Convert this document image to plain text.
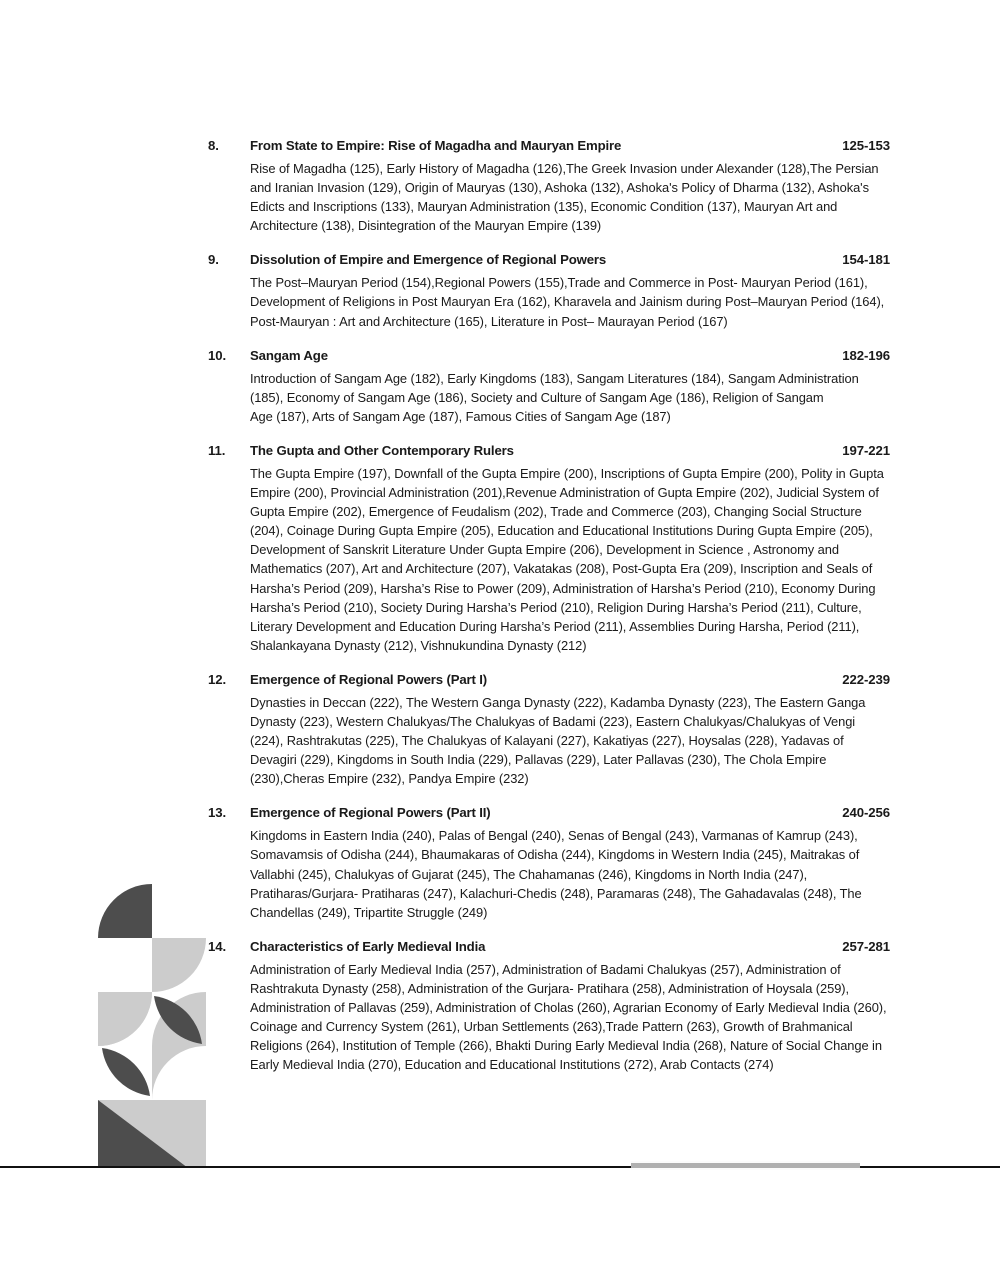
8.	From State to Empire: Rise of Magadha and Mauryan Empire	125-153
Rise of Magadha (125), Early History of Magadha (126),The Greek Invasion under Alexander (128),The Persian and Iranian Invasion (129), Origin of Mauryas (130), Ashoka (132), Ashoka's Policy of Dharma (132), Ashoka's Edicts and Inscriptions (133), Mauryan Administration (135), Economic Condition (137), Mauryan Art and Architecture (138), Disintegration of the Mauryan Empire (139)
9.	Dissolution of Empire and Emergence of Regional Powers	154-181
The Post–Mauryan Period (154),Regional Powers (155),Trade and Commerce in Post- Mauryan Period (161), Development of Religions in Post Mauryan Era (162), Kharavela and Jainism during Post–Mauryan Period (164), Post-Mauryan : Art and Architecture (165), Literature in Post– Maurayan Period (167)
10.	Sangam Age	182-196
Introduction of Sangam Age (182), Early Kingdoms (183), Sangam Literatures (184), Sangam Administration (185), Economy of Sangam Age (186), Society and Culture of Sangam Age (186), Religion of Sangam
Age (187), Arts of Sangam Age (187), Famous Cities of Sangam Age (187)
11.	The Gupta and Other Contemporary Rulers	197-221
The Gupta Empire (197), Downfall of the Gupta Empire (200), Inscriptions of Gupta Empire (200), Polity in Gupta Empire (200), Provincial Administration (201),Revenue Administration of Gupta Empire (202), Judicial System of Gupta Empire (202), Emergence of Feudalism (202), Trade and Commerce (203), Changing Social Structure (204), Coinage During Gupta Empire (205), Education and Educational Institutions During Gupta Empire (205), Development of Sanskrit Literature Under Gupta Empire (206), Development in Science , Astronomy and Mathematics (207), Art and Architecture (207), Vakatakas (208), Post-Gupta Era (209), Inscription and Seals of Harsha’s Period (209), Harsha’s Rise to Power (209), Administration of Harsha’s Period (210), Economy During Harsha’s Period (210), Society During Harsha’s Period (210), Religion During Harsha’s Period (211), Culture, Literary Development and Education During Harsha’s Period (211), Assemblies During Harsha, Period (211), Shalankayana Dynasty (212), Vishnukundina Dynasty (212)
12.	Emergence of Regional Powers (Part I)	222-239
Dynasties in Deccan (222), The Western Ganga Dynasty (222), Kadamba Dynasty (223), The Eastern Ganga Dynasty (223), Western Chalukyas/The Chalukyas of Badami (223), Eastern Chalukyas/Chalukyas of Vengi (224), Rashtrakutas (225), The Chalukyas of Kalayani (227), Kakatiyas (227), Hoysalas (228), Yadavas of Devagiri (229), Kingdoms in South India (229), Pallavas (229), Later Pallavas (230), The Chola Empire (230),Cheras Empire (232), Pandya Empire (232)
13.	Emergence of Regional Powers (Part II)	240-256
Kingdoms in Eastern India (240), Palas of Bengal (240), Senas of Bengal (243), Varmanas of Kamrup (243), Somavamsis of Odisha (244), Bhaumakaras of Odisha (244), Kingdoms in Western India (245), Maitrakas of Vallabhi (245), Chalukyas of Gujarat (245), The Chahamanas (246), Kingdoms in North India (247), Pratiharas/Gurjara- Pratiharas (247), Kalachuri-Chedis (248), Paramaras (248), The Gahadavalas (248), The Chandellas (249), Tripartite Struggle (249)
14.	Characteristics of Early Medieval India	257-281
Administration of Early Medieval India (257), Administration of Badami Chalukyas (257), Administration of Rashtrakuta Dynasty (258), Administration of the Gurjara- Pratihara (258), Administration of Hoysala (259), Administration of Pallavas (259), Administration of Cholas (260), Agrarian Economy of Early Medieval India (260), Coinage and Currency System (261), Urban Settlements (263),Trade Pattern (263), Growth of Brahmanical Religions (264), Institution of Temple (266), Bhakti During Early Medieval India (268), Nature of Social Change in Early Medieval India (270), Education and Educational Institutions (272), Arab Contacts (274)
